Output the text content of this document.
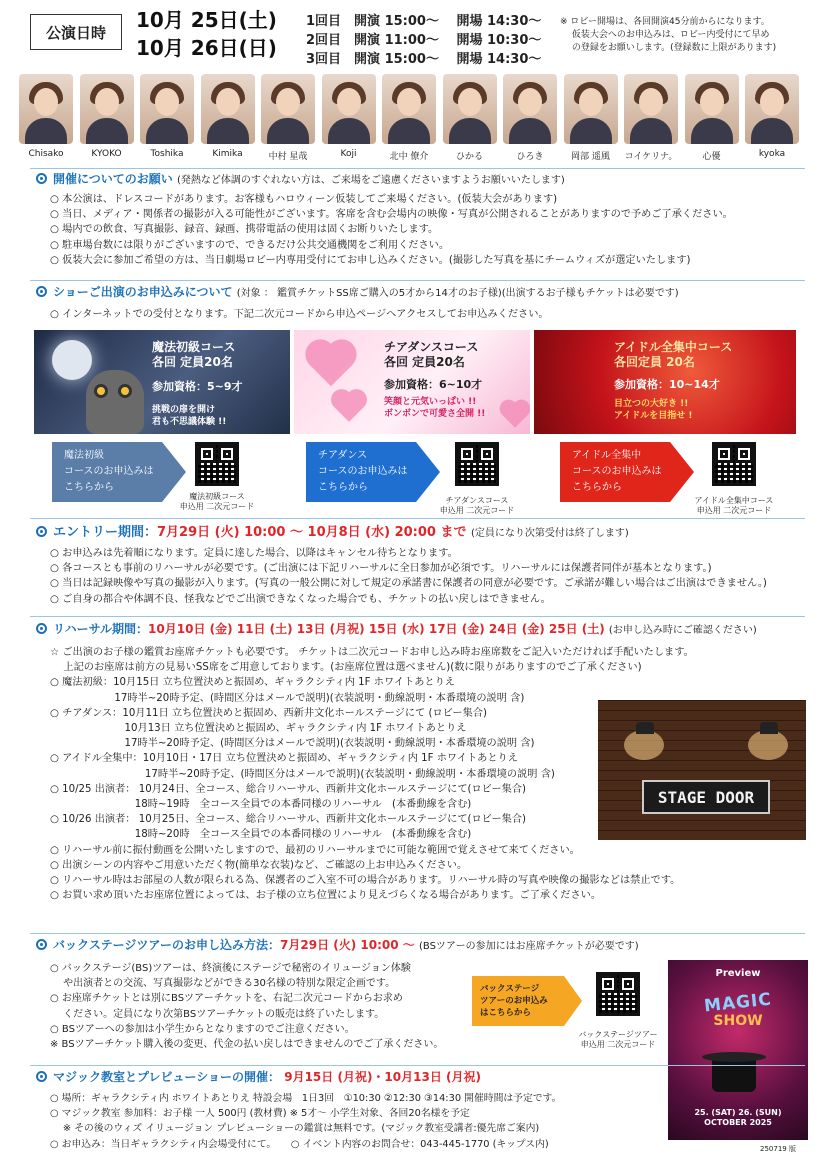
公演日時
10月 25日(土)
10月 26日(日)
1回目　開演 15:00〜　 開場 14:30〜
2回目　開演 11:00〜　 開場 10:30〜
3回目　開演 15:00〜　 開場 14:30〜
※ ロビー開場は、各回開演45分前からになります。
　 仮装大会へのお申込みは、ロビー内受付にて早め
　 の登録をお願いします。(登録数に上限があります)
Chisako	KYOKO	Toshika	Kimika	中村 星哉	Koji	北中 僚介	ひかる	ひろき	岡部 遥風	コイケリナ。	心優	kyoka
開催についてのお願い (発熱など体調のすぐれない方は、ご来場をご遠慮くださいますようお願いいたします)
○ 本公演は、ドレスコードがあります。お客様もハロウィーン仮装してご来場ください。(仮装大会があります)
○ 当日、メディア・関係者の撮影が入る可能性がございます。客席を含む会場内の映像・写真が公開されることがありますので予めご了承ください。
○ 場内での飲食、写真撮影、録音、録画、携帯電話の使用は固くお断りいたします。
○ 駐車場台数には限りがございますので、できるだけ公共交通機関をご利用ください。
○ 仮装大会に参加ご希望の方は、当日劇場ロビー内専用受付にてお申し込みください。(撮影した写真を基にチームウィズが選定いたします)
ショーご出演のお申込みについて (対象 ： 鑑賞チケットSS席ご購入の5才から14才のお子様)(出演するお子様もチケットは必要です)
○ インターネットでの受付となります。下記二次元コードから申込ページへアクセスしてお申込みください。
魔法初級コース
各回 定員20名
参加資格：5~9才
挑戦の扉を開け
君も不思議体験 !!
チアダンスコース
各回 定員20名
参加資格：6~10才
笑顔と元気いっぱい !!
ボンボンで可愛さ全開 !!
アイドル全集中コース
各回定員 20名
参加資格：10~14才
目立つの大好き !!
アイドルを目指せ !
魔法初級
コースのお申込みは
こちらから
魔法初級コース
申込用 二次元コード
チアダンス
コースのお申込みは
こちらから
チアダンスコース
申込用 二次元コード
アイドル全集中
コースのお申込みは
こちらから
アイドル全集中コース
申込用 二次元コード
エントリー期間：7月29日 (火) 10:00 ～ 10月8日 (水) 20:00 まで (定員になり次第受付は終了します)
○ お申込みは先着順になります。定員に達した場合、以降はキャンセル待ちとなります。
○ 各コースとも事前のリハーサルが必要です。(ご出演には下記リハーサルに全日参加が必須です。リハーサルには保護者同伴が基本となります。)
○ 当日は記録映像や写真の撮影が入ります。(写真の一般公開に対して規定の承諾書に保護者の同意が必要です。ご承諾が難しい場合はご出演はできません。)
○ ご自身の都合や体調不良、怪我などでご出演できなくなった場合でも、チケットの払い戻しはできません。
リハーサル期間：10月10日 (金) 11日 (土) 13日 (月祝) 15日 (水) 17日 (金) 24日 (金) 25日 (土) (お申し込み時にご確認ください)
☆ ご出演のお子様の鑑賞お座席チケットも必要です。 チケットは二次元コードお申し込み時お座席数をご記入いただければ手配いたします。
　 上記のお座席は前方の見易いSS席をご用意しております。(お座席位置は選べません)(数に限りがありますのでご了承ください)
○ 魔法初級：10月15日 立ち位置決めと振固め、ギャラクシティ内 1F ホワイトあとりえ
　　　　　　 17時半~20時予定、(時間区分はメールで説明)(衣装説明・動線説明・本番環境の説明 含)
○ チアダンス：10月11日 立ち位置決めと振固め、西新井文化ホールステージにて (ロビー集合)
　　　　　　　 10月13日 立ち位置決めと振固め、ギャラクシティ内 1F ホワイトあとりえ
　　　　　　　 17時半~20時予定、(時間区分はメールで説明)(衣装説明・動線説明・本番環境の説明 含)
○ アイドル全集中：10月10日・17日 立ち位置決めと振固め、ギャラクシティ内 1F ホワイトあとりえ
　　　　　　　　　 17時半~20時予定、(時間区分はメールで説明)(衣装説明・動線説明・本番環境の説明 含)
○ 10/25 出演者： 10月24日、全コース、総合リハーサル、西新井文化ホールステージにて(ロビー集合)
　　　　　　　　 18時~19時　全コース全員での本番同様のリハーサル　(本番動線を含む)
○ 10/26 出演者： 10月25日、全コース、総合リハーサル、西新井文化ホールステージにて(ロビー集合)
　　　　　　　　 18時~20時　全コース全員での本番同様のリハーサル　(本番動線を含む)
○ リハーサル前に振付動画を公開いたしますので、最初のリハーサルまでに可能な範囲で覚えさせて来てください。
○ 出演シーンの内容やご用意いただく物(簡単な衣装)など、ご確認の上お申込みください。
○ リハーサル時はお部屋の人数が限られる為、保護者のご入室不可の場合があります。リハーサル時の写真や映像の撮影などは禁止です。
○ お買い求め頂いたお座席位置によっては、お子様の立ち位置により見えづらくなる場合があります。ご了承ください。
STAGE DOOR
バックステージツアーのお申し込み方法：7月29日 (火) 10:00 ～ (BSツアーの参加にはお座席チケットが必要です)
○ バックステージ(BS)ツアーは、終演後にステージで秘密のイリュージョン体験
　 や出演者との交流、写真撮影などができる30名様の特別な限定企画です。
○ お座席チケットとは別にBSツアーチケットを、右記二次元コードからお求め
　 ください。定員になり次第BSツアーチケットの販売は終了いたします。
○ BSツアーへの参加は小学生からとなりますのでご注意ください。
※ BSツアーチケット購入後の変更、代金の払い戻しはできませんのでご了承ください。
バックステージ
ツアーのお申込み
はこちらから
バックステージツアー
申込用 二次元コード
Preview
MAGIC
SHOW
25. (SAT) 26. (SUN)
OCTOBER 2025
マジック教室とプレビューショーの開催： 9月15日 (月祝)・10月13日 (月祝)
○ 場所：ギャラクシティ内 ホワイトあとりえ 特設会場　1日3回　①10:30 ②12:30 ③14:30 開催時間は予定です。
○ マジック教室 参加料：お子様 一人 500円 (教材費) ※ 5才～ 小学生対象、各回20名様を予定
　 ※ その後のウィズ イリュージョン プレビューショーの鑑賞は無料です。(マジック教室受講者:優先席ご案内)
○ お申込み：当日ギャラクシティ内会場受付にて。　　○ イベント内容のお問合せ：043-445-1770 (キップス内)	250719 版
